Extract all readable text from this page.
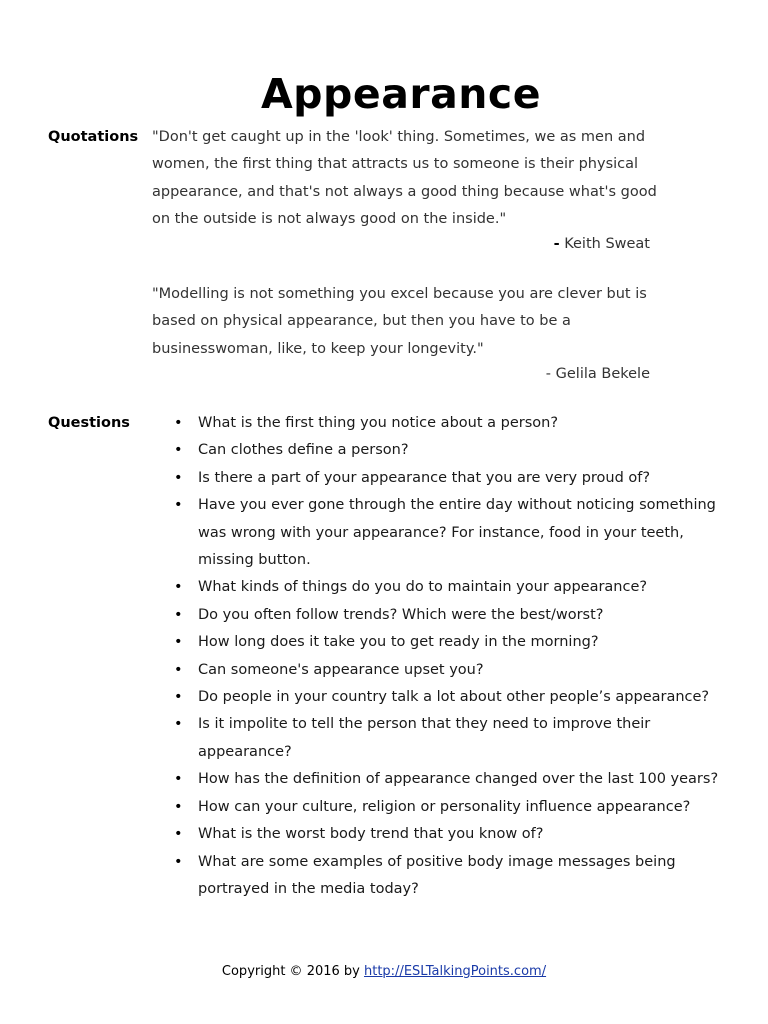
Appearance
Quotations "Don't get caught up in the 'look' thing. Sometimes, we as men and women, the first thing that attracts us to someone is their physical appearance, and that's not always a good thing because what's good on the outside is not always good on the inside."

- Keith Sweat

"Modelling is not something you excel because you are clever but is based on physical appearance, but then you have to be a businesswoman, like, to keep your longevity."

- Gelila Bekele
Questions	• What is the first thing you notice about a person?
• Can clothes define a person?
• Is there a part of your appearance that you are very proud of?
• Have you ever gone through the entire day without noticing something was wrong with your appearance? For instance, food in your teeth, missing button.
• What kinds of things do you do to maintain your appearance?
• Do you often follow trends? Which were the best/worst?
• How long does it take you to get ready in the morning?
• Can someone's appearance upset you?
• Do people in your country talk a lot about other people’s appearance?
• Is it impolite to tell the person that they need to improve their appearance?
• How has the definition of appearance changed over the last 100 years?
• How can your culture, religion or personality influence appearance?
• What is the worst body trend that you know of?
• What are some examples of positive body image messages being portrayed in the media today?
Copyright © 2016 by http://ESLTalkingPoints.com/
